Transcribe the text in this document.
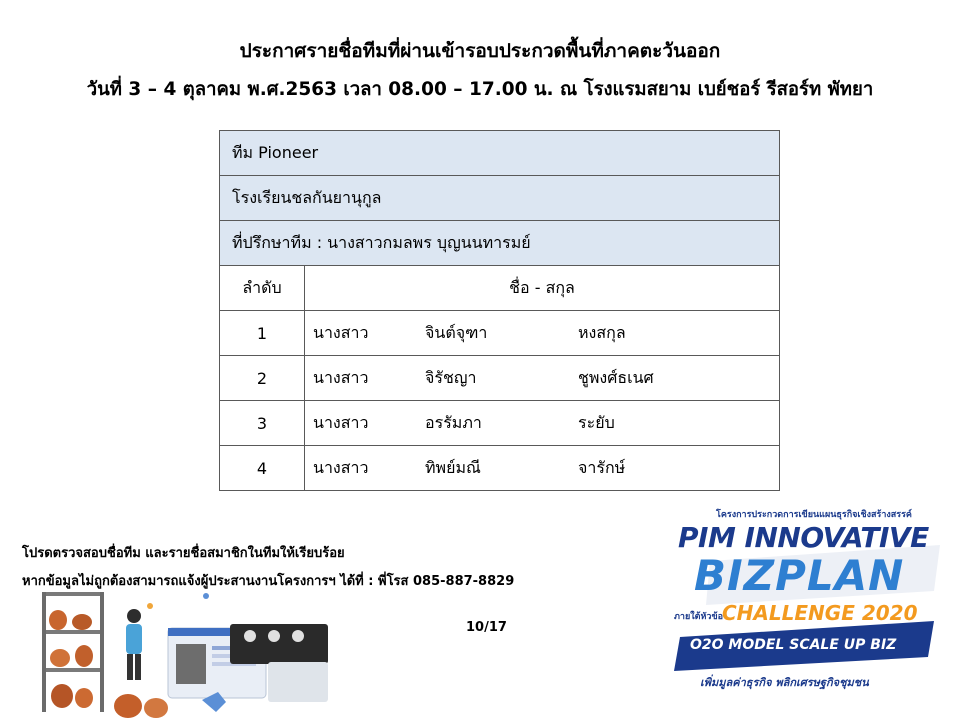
ประกาศรายชื่อทีมที่ผ่านเข้ารอบประกวดพื้นที่ภาคตะวันออก
วันที่ 3 – 4 ตุลาคม พ.ศ.2563 เวลา 08.00 – 17.00 น. ณ โรงแรมสยาม เบย์ชอร์ รีสอร์ท พัทยา
ทีม Pioneer	
โรงเรียนชลกันยานุกูล	
ที่ปรึกษาทีม : นางสาวกมลพร บุญนนทารมย์	
ลำดับ	ชื่อ - สกุล
1	นางสาว จินต์จุฑา หงสกุล
2	นางสาว จิรัชญา ชูพงศ์ธเนศ
3	นางสาว อรรัมภา ระยับ
4	นางสาว ทิพย์มณี จารักษ์
โปรดตรวจสอบชื่อทีม และรายชื่อสมาชิกในทีมให้เรียบร้อย
หากข้อมูลไม่ถูกต้องสามารถแจ้งผู้ประสานงานโครงการฯ ได้ที่ : พี่โรส 085-887-8829
10/17
โครงการประกวดการเขียนแผนธุรกิจเชิงสร้างสรรค์
PIM INNOVATIVE
BIZPLAN
ภายใต้หัวข้อ
CHALLENGE 2020
O2O MODEL SCALE UP BIZ
เพิ่มมูลค่าธุรกิจ พลิกเศรษฐกิจชุมชน
